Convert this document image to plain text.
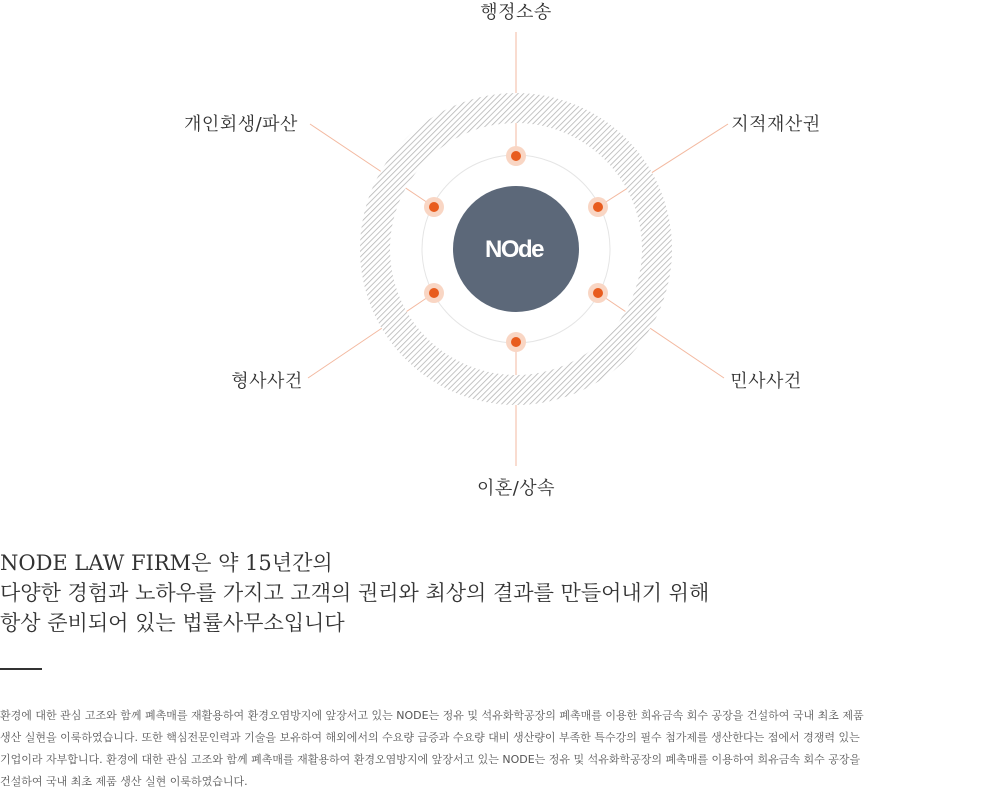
NOde
행정소송
지적재산권
민사사건
이혼/상속
형사사건
개인회생/파산
NODE LAW FIRM은 약 15년간의
다양한 경험과 노하우를 가지고 고객의 권리와 최상의 결과를 만들어내기 위해
항상 준비되어 있는 법률사무소입니다
환경에 대한 관심 고조와 함께 폐촉매를 재활용하여 환경오염방지에 앞장서고 있는 NODE는 정유 및 석유화학공장의 폐촉매를 이용한 희유금속 회수 공장을 건설하여 국내 최초 제품
생산 실현을 이룩하였습니다. 또한 핵심전문인력과 기술을 보유하여 해외에서의 수요량 급증과 수요량 대비 생산량이 부족한 특수강의 필수 첨가제를 생산한다는 점에서 경쟁력 있는
기업이라 자부합니다. 환경에 대한 관심 고조와 함께 폐촉매를 재활용하여 환경오염방지에 앞장서고 있는 NODE는 정유 및 석유화학공장의 폐촉매를 이용하여 희유금속 회수 공장을
건설하여 국내 최초 제품 생산 실현 이룩하였습니다.
